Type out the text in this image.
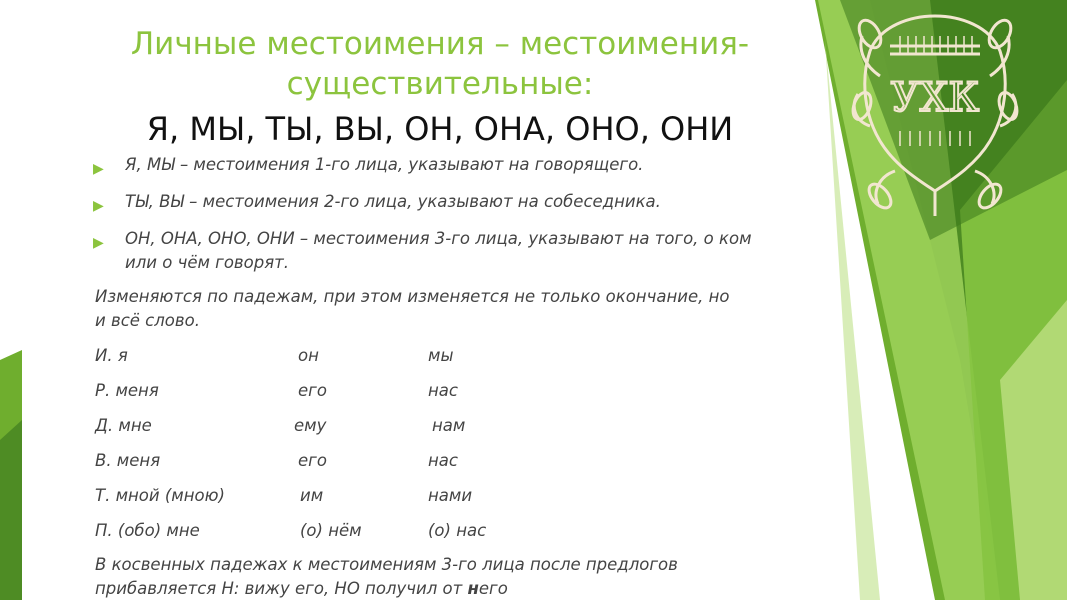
УХК
Личные местоимения – местоимения-
существительные:
Я, МЫ, ТЫ, ВЫ, ОН, ОНА, ОНО, ОНИ
▶ Я, МЫ – местоимения 1-го лица, указывают на говорящего.
▶ ТЫ, ВЫ – местоимения 2-го лица, указывают на собеседника.
▶ ОН, ОНА, ОНО, ОНИ – местоимения 3-го лица, указывают на того, о ком или о чём говорят.

Изменяются по падежам, при этом изменяется не только окончание, но

и всё слово.

И. я	он	мы
Р. меня	его	нас
Д. мне	ему	нам
В. меня	его	нас
Т. мной (мною)	им	нами
П. (обо) мне	(о) нём	(о) нас

В косвенных падежах к местоимениям 3-го лица после предлогов

прибавляется Н: вижу его, НО получил от него
